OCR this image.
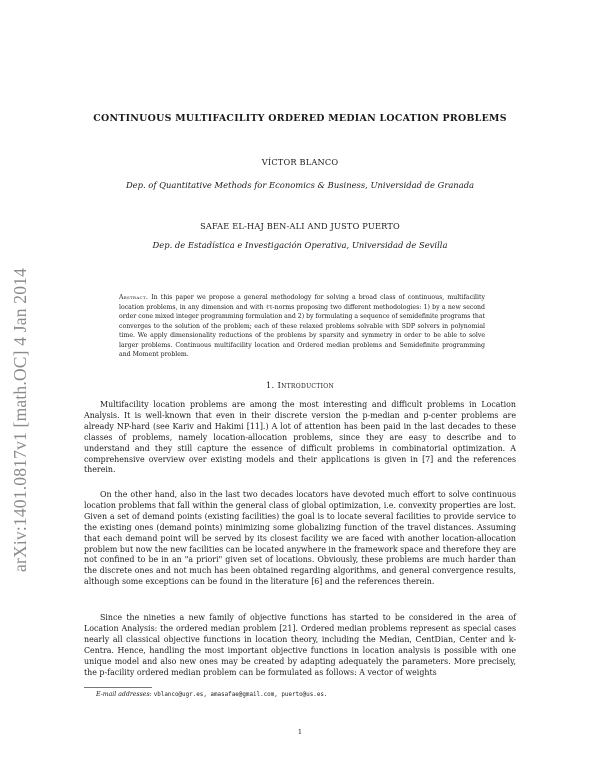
arXiv:1401.0817v1 [math.OC] 4 Jan 2014
CONTINUOUS MULTIFACILITY ORDERED MEDIAN LOCATION PROBLEMS
VÍCTOR BLANCO
Dep. of Quantitative Methods for Economics & Business, Universidad de Granada
SAFAE EL-HAJ BEN-ALI AND JUSTO PUERTO
Dep. de Estadística e Investigación Operativa, Universidad de Sevilla

Abstract. In this paper we propose a general methodology for solving a broad class of continuous, multifacility location problems, in any dimension and with ℓτ-norms proposing two different methodologies: 1) by a new second order cone mixed integer programming formulation and 2) by formulating a sequence of semidefinite programs that converges to the solution of the problem; each of these relaxed problems solvable with SDP solvers in polynomial time. We apply dimensionality reductions of the problems by sparsity and symmetry in order to be able to solve larger problems. Continuous multifacility location and Ordered median problems and Semidefinite programming and Moment problem.

1. Introduction

Multifacility location problems are among the most interesting and difficult problems in Location Analysis. It is well-known that even in their discrete version the p-median and p-center problems are already NP-hard (see Kariv and Hakimi [11].) A lot of attention has been paid in the last decades to these classes of problems, namely location-allocation problems, since they are easy to describe and to understand and they still capture the essence of difficult problems in combinatorial optimization. A comprehensive overview over existing models and their applications is given in [7] and the references therein.

On the other hand, also in the last two decades locators have devoted much effort to solve continuous location problems that fall within the general class of global optimization, i.e. convexity properties are lost. Given a set of demand points (existing facilities) the goal is to locate several facilities to provide service to the existing ones (demand points) minimizing some globalizing function of the travel distances. Assuming that each demand point will be served by its closest facility we are faced with another location-allocation problem but now the new facilities can be located anywhere in the framework space and therefore they are not confined to be in an "a priori" given set of locations. Obviously, these problems are much harder than the discrete ones and not much has been obtained regarding algorithms, and general convergence results, although some exceptions can be found in the literature [6] and the references therein.

Since the nineties a new family of objective functions has started to be considered in the area of Location Analysis: the ordered median problem [21]. Ordered median problems represent as special cases nearly all classical objective functions in location theory, including the Median, CentDian, Center and k-Centra. Hence, handling the most important objective functions in location analysis is possible with one unique model and also new ones may be created by adapting adequately the parameters. More precisely, the p-facility ordered median problem can be formulated as follows: A vector of weights

E-mail addresses: vblanco@ugr.es, amasafae@gmail.com, puerto@us.es.
1
